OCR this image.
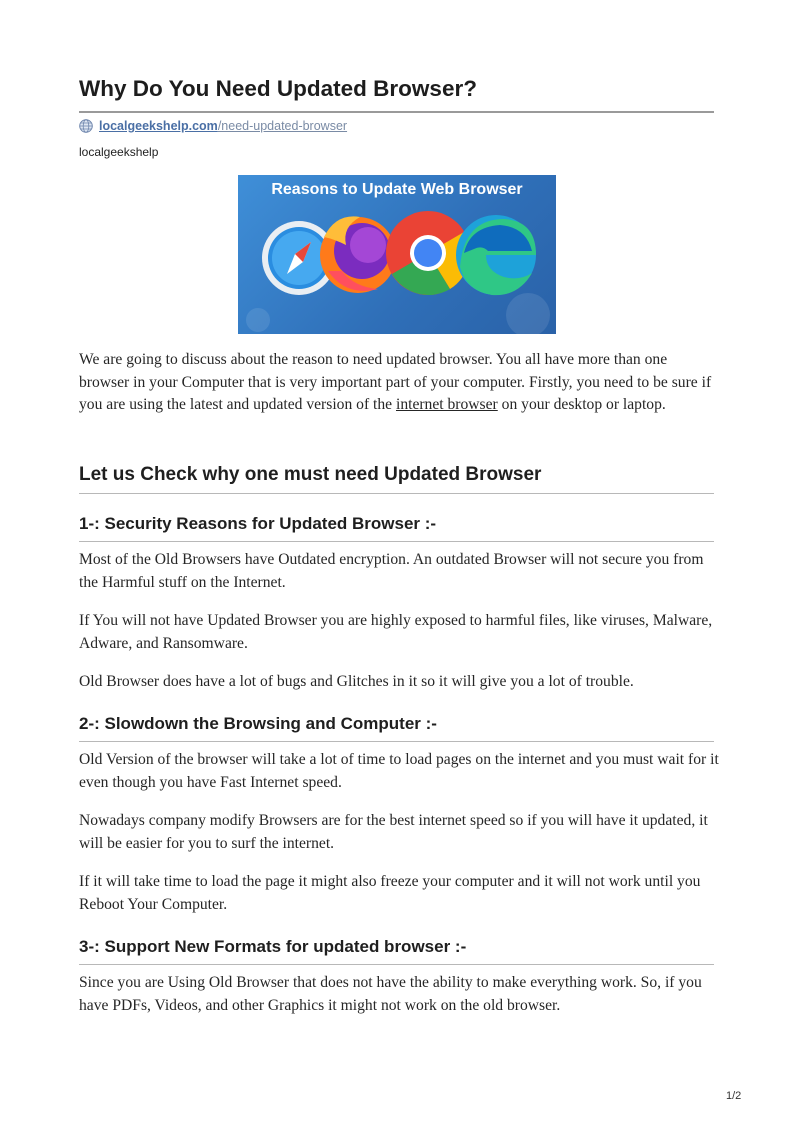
Why Do You Need Updated Browser?
localgeekshelp.com /need-updated-browser
localgeekshelp
Reasons to Update Web Browser

We are going to discuss about the reason to need updated browser. You all have more than one browser in your Computer that is very important part of your computer. Firstly, you need to be sure if you are using the latest and updated version of the internet browser on your desktop or laptop.

Let us Check why one must need Updated Browser
1-: Security Reasons for Updated Browser :-

Most of the Old Browsers have Outdated encryption. An outdated Browser will not secure you from the Harmful stuff on the Internet.

If You will not have Updated Browser you are highly exposed to harmful files, like viruses, Malware, Adware, and Ransomware.

Old Browser does have a lot of bugs and Glitches in it so it will give you a lot of trouble.

2-: Slowdown the Browsing and Computer :-

Old Version of the browser will take a lot of time to load pages on the internet and you must wait for it even though you have Fast Internet speed.

Nowadays company modify Browsers are for the best internet speed so if you will have it updated, it will be easier for you to surf the internet.

If it will take time to load the page it might also freeze your computer and it will not work until you Reboot Your Computer.

3-: Support New Formats for updated browser :-

Since you are Using Old Browser that does not have the ability to make everything work. So, if you have PDFs, Videos, and other Graphics it might not work on the old browser.

1/2
